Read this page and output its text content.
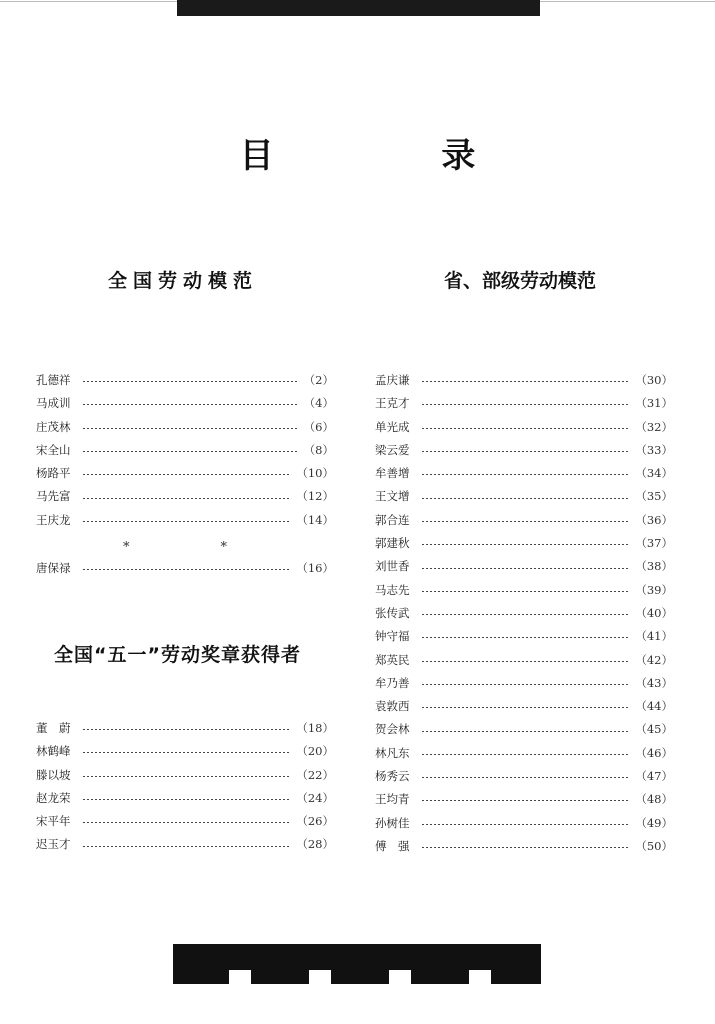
目 录
全国劳动模范	省、部级劳动模范
全国“五一”劳动奖章获得者
孔德祥	（2）
马成训	（4）
庄茂林	（6）
宋全山	（8）
杨路平	（10）
马先富	（12）
王庆龙	（14）
*　　　　　　　*
唐保禄	（16）
董　蔚	（18）
林鹤峰	（20）
滕以坡	（22）
赵龙荣	（24）
宋平年	（26）
迟玉才	（28）
孟庆谦	（30）
王克才	（31）
单光成	（32）
梁云爱	（33）
牟善增	（34）
王文增	（35）
郭合连	（36）
郭建秋	（37）
刘世香	（38）
马志先	（39）
张传武	（40）
钟守福	（41）
郑英民	（42）
牟乃善	（43）
袁敦西	（44）
贺会林	（45）
林凡东	（46）
杨秀云	（47）
王均青	（48）
孙树佳	（49）
傅　强	（50）
